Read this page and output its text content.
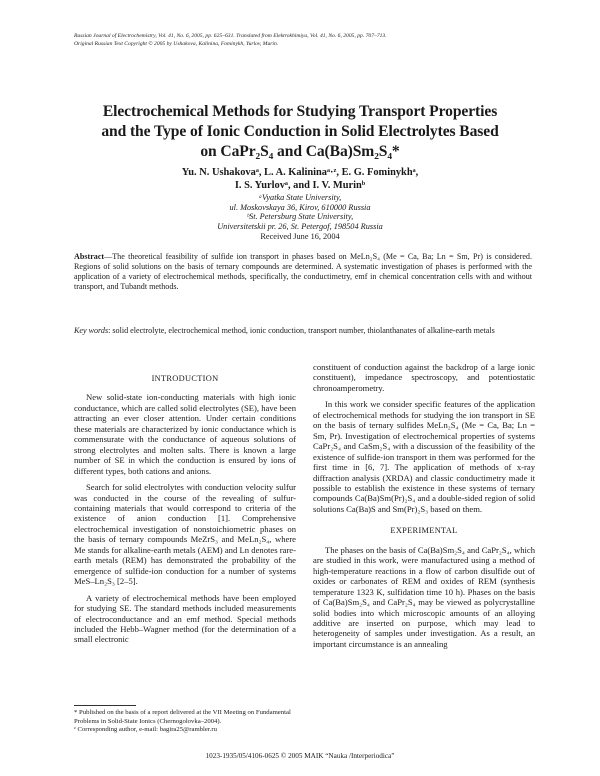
Russian Journal of Electrochemistry, Vol. 41, No. 6, 2005, pp. 625–631. Translated from Elektrokhimiya, Vol. 41, No. 6, 2005, pp. 707–713.
Original Russian Text Copyright © 2005 by Ushakova, Kalinina, Fominykh, Yurlov, Murin.
Electrochemical Methods for Studying Transport Properties
and the Type of Ionic Conduction in Solid Electrolytes Based
on CaPr₂S₄ and Ca(Ba)Sm₂S₄*
Yu. N. Ushakovaᵃ, L. A. Kalininaᵃ·ᶻ, E. G. Fominykhᵃ,
I. S. Yurlovᵃ, and I. V. Murinᵇ
ᵃVyatka State University,
ul. Moskovskaya 36, Kirov, 610000 Russia
ᵇSt. Petersburg State University,
Universitetskii pr. 26, St. Petergof, 198504 Russia
Received June 16, 2004
Abstract—The theoretical feasibility of sulfide ion transport in phases based on MeLn₂S₄ (Me = Ca, Ba; Ln = Sm, Pr) is considered. Regions of solid solutions on the basis of ternary compounds are determined. A systematic investigation of phases is performed with the application of a variety of electrochemical methods, specifically, the conductimetry, emf in chemical concentration cells with and without transport, and Tubandt methods.
Key words: solid electrolyte, electrochemical method, ionic conduction, transport number, thiolanthanates of alkaline-earth metals
INTRODUCTION

New solid-state ion-conducting materials with high ionic conductance, which are called solid electrolytes (SE), have been attracting an ever closer attention. Under certain conditions these materials are characterized by ionic conductance which is commensurate with the conductance of aqueous solutions of strong electrolytes and molten salts. There is known a large number of SE in which the conduction is ensured by ions of different types, both cations and anions.

Search for solid electrolytes with conduction velocity sulfur was conducted in the course of the revealing of sulfur-containing materials that would correspond to criteria of the existence of anion conduction [1]. Comprehensive electrochemical investigation of nonstoichiometric phases on the basis of ternary compounds MeZrS₃ and MeLn₂S₄, where Me stands for alkaline-earth metals (AEM) and Ln denotes rare-earth metals (REM) has demonstrated the probability of the emergence of sulfide-ion conduction for a number of systems MeS–Ln₂S₃ [2–5].

A variety of electrochemical methods have been employed for studying SE. The standard methods included measurements of electroconductance and an emf method. Special methods included the Hebb–Wagner method (for the determination of a small electronic

constituent of conduction against the backdrop of a large ionic constituent), impedance spectroscopy, and potentiostatic chronoamperometry.

In this work we consider specific features of the application of electrochemical methods for studying the ion transport in SE on the basis of ternary sulfides MeLn₂S₄ (Me = Ca, Ba; Ln = Sm, Pr). Investigation of electrochemical properties of systems CaPr₂S₄ and CaSm₂S₄ with a discussion of the feasibility of the existence of sulfide-ion transport in them was performed for the first time in [6, 7]. The application of methods of x-ray diffraction analysis (XRDA) and classic conductimetry made it possible to establish the existence in these systems of ternary compounds Ca(Ba)Sm(Pr)₂S₄ and a double-sided region of solid solutions Ca(Ba)S and Sm(Pr)₂S₃ based on them.

EXPERIMENTAL

The phases on the basis of Ca(Ba)Sm₂S₄ and CaPr₂S₄, which are studied in this work, were manufactured using a method of high-temperature reactions in a flow of carbon disulfide out of oxides or carbonates of REM and oxides of REM (synthesis temperature 1323 K, sulfidation time 10 h). Phases on the basis of Ca(Ba)Sm₂S₄ and CaPr₂S₄ may be viewed as polycrystalline solid bodies into which microscopic amounts of an alloying additive are inserted on purpose, which may lead to heterogeneity of samples under investigation. As a result, an important circumstance is an annealing

* Published on the basis of a report delivered at the VII Meeting on Fundamental Problems in Solid-State Ionics (Chernogolovka–2004).
ᶻ Corresponding author, e-mail: bagira25@rambler.ru
1023-1935/05/4106-0625 © 2005 MAIK “Nauka /Interperiodica”
